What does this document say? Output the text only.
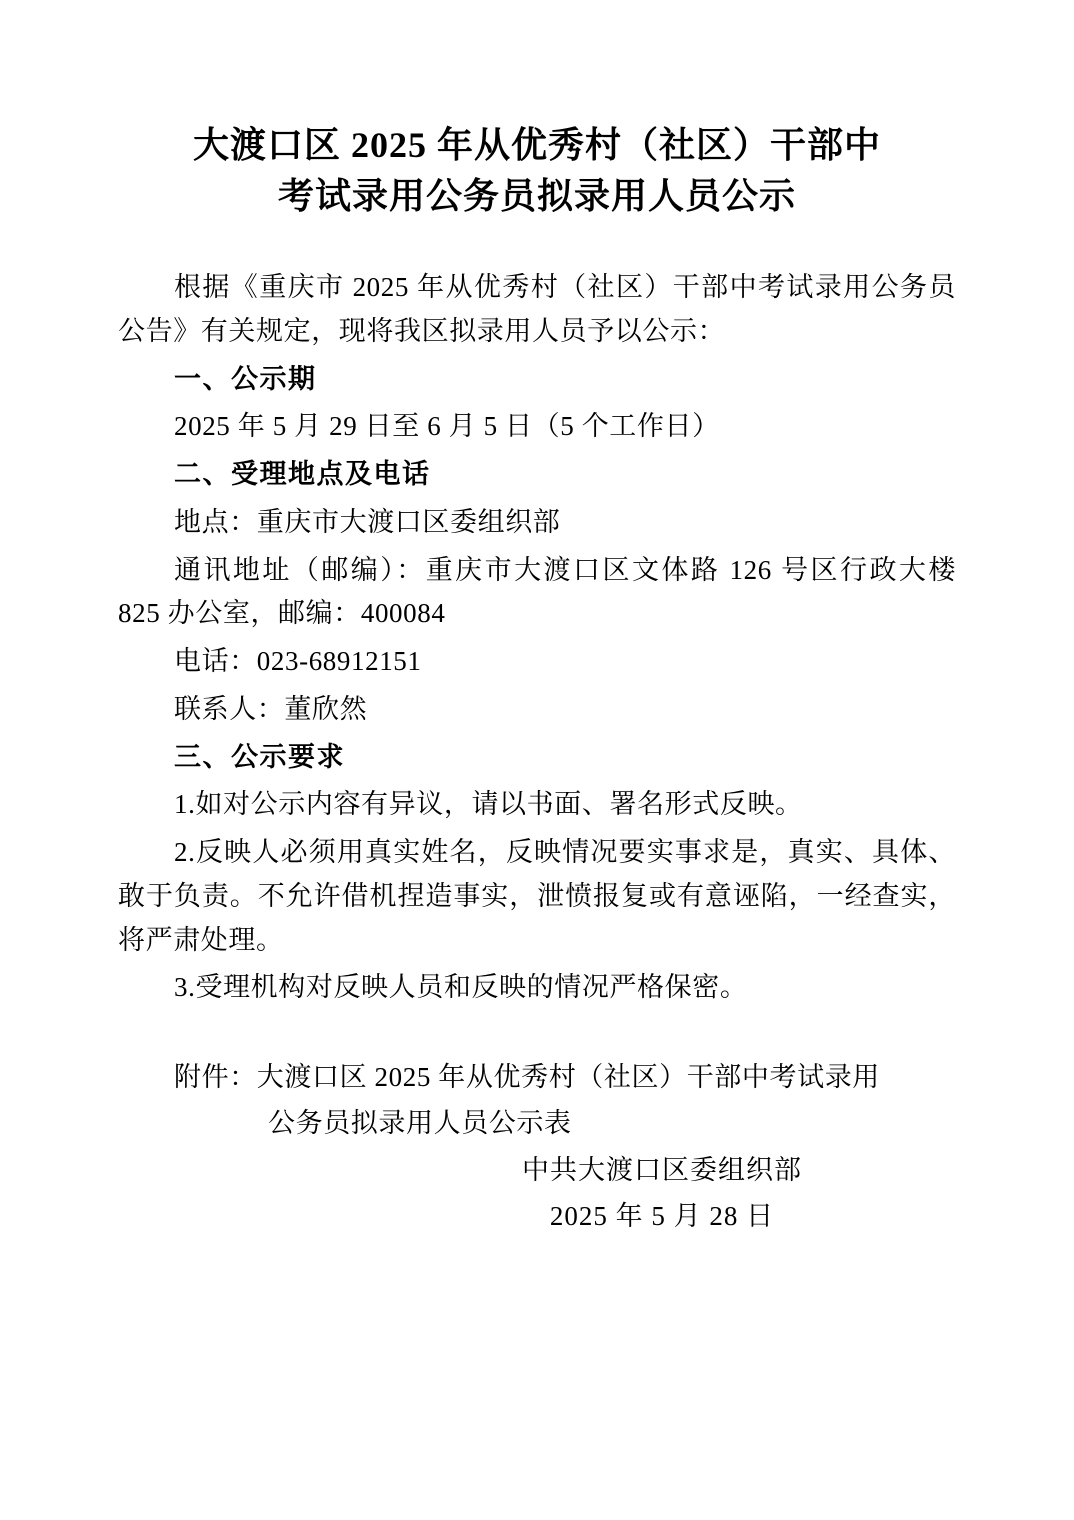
大渡口区 2025 年从优秀村（社区）干部中
考试录用公务员拟录用人员公示

根据《重庆市 2025 年从优秀村（社区）干部中考试录用公务员公告》有关规定，现将我区拟录用人员予以公示：

一、公示期

2025 年 5 月 29 日至 6 月 5 日（5 个工作日）

二、受理地点及电话

地点：重庆市大渡口区委组织部

通讯地址（邮编）：重庆市大渡口区文体路 126 号区行政大楼 825 办公室，邮编：400084

电话：023-68912151

联系人：董欣然

三、公示要求

1.如对公示内容有异议，请以书面、署名形式反映。

2.反映人必须用真实姓名，反映情况要实事求是，真实、具体、敢于负责。不允许借机捏造事实，泄愤报复或有意诬陷，一经查实，将严肃处理。

3.受理机构对反映人员和反映的情况严格保密。

附件：大渡口区 2025 年从优秀村（社区）干部中考试录用

公务员拟录用人员公示表

中共大渡口区委组织部

2025 年 5 月 28 日
